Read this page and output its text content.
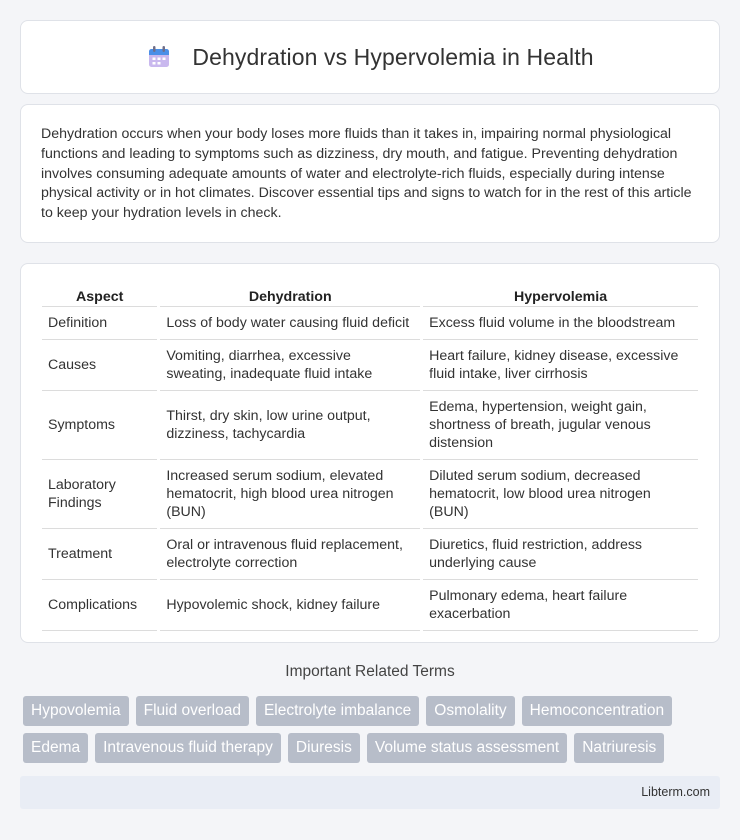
Dehydration vs Hypervolemia in Health

Dehydration occurs when your body loses more fluids than it takes in, impairing normal physiological functions and leading to symptoms such as dizziness, dry mouth, and fatigue. Preventing dehydration involves consuming adequate amounts of water and electrolyte-rich fluids, especially during intense physical activity or in hot climates. Discover essential tips and signs to watch for in the rest of this article to keep your hydration levels in check.

Aspect	Dehydration	Hypervolemia
Definition	Loss of body water causing fluid deficit	Excess fluid volume in the bloodstream
Causes	Vomiting, diarrhea, excessive sweating, inadequate fluid intake	Heart failure, kidney disease, excessive fluid intake, liver cirrhosis
Symptoms	Thirst, dry skin, low urine output, dizziness, tachycardia	Edema, hypertension, weight gain, shortness of breath, jugular venous distension
Laboratory Findings	Increased serum sodium, elevated hematocrit, high blood urea nitrogen (BUN)	Diluted serum sodium, decreased hematocrit, low blood urea nitrogen (BUN)
Treatment	Oral or intravenous fluid replacement, electrolyte correction	Diuretics, fluid restriction, address underlying cause
Complications	Hypovolemic shock, kidney failure	Pulmonary edema, heart failure exacerbation
Important Related Terms
Hypovolemia	Fluid overload	Electrolyte imbalance	Osmolality	Hemoconcentration
Edema	Intravenous fluid therapy	Diuresis	Volume status assessment	Natriuresis
Libterm.com
